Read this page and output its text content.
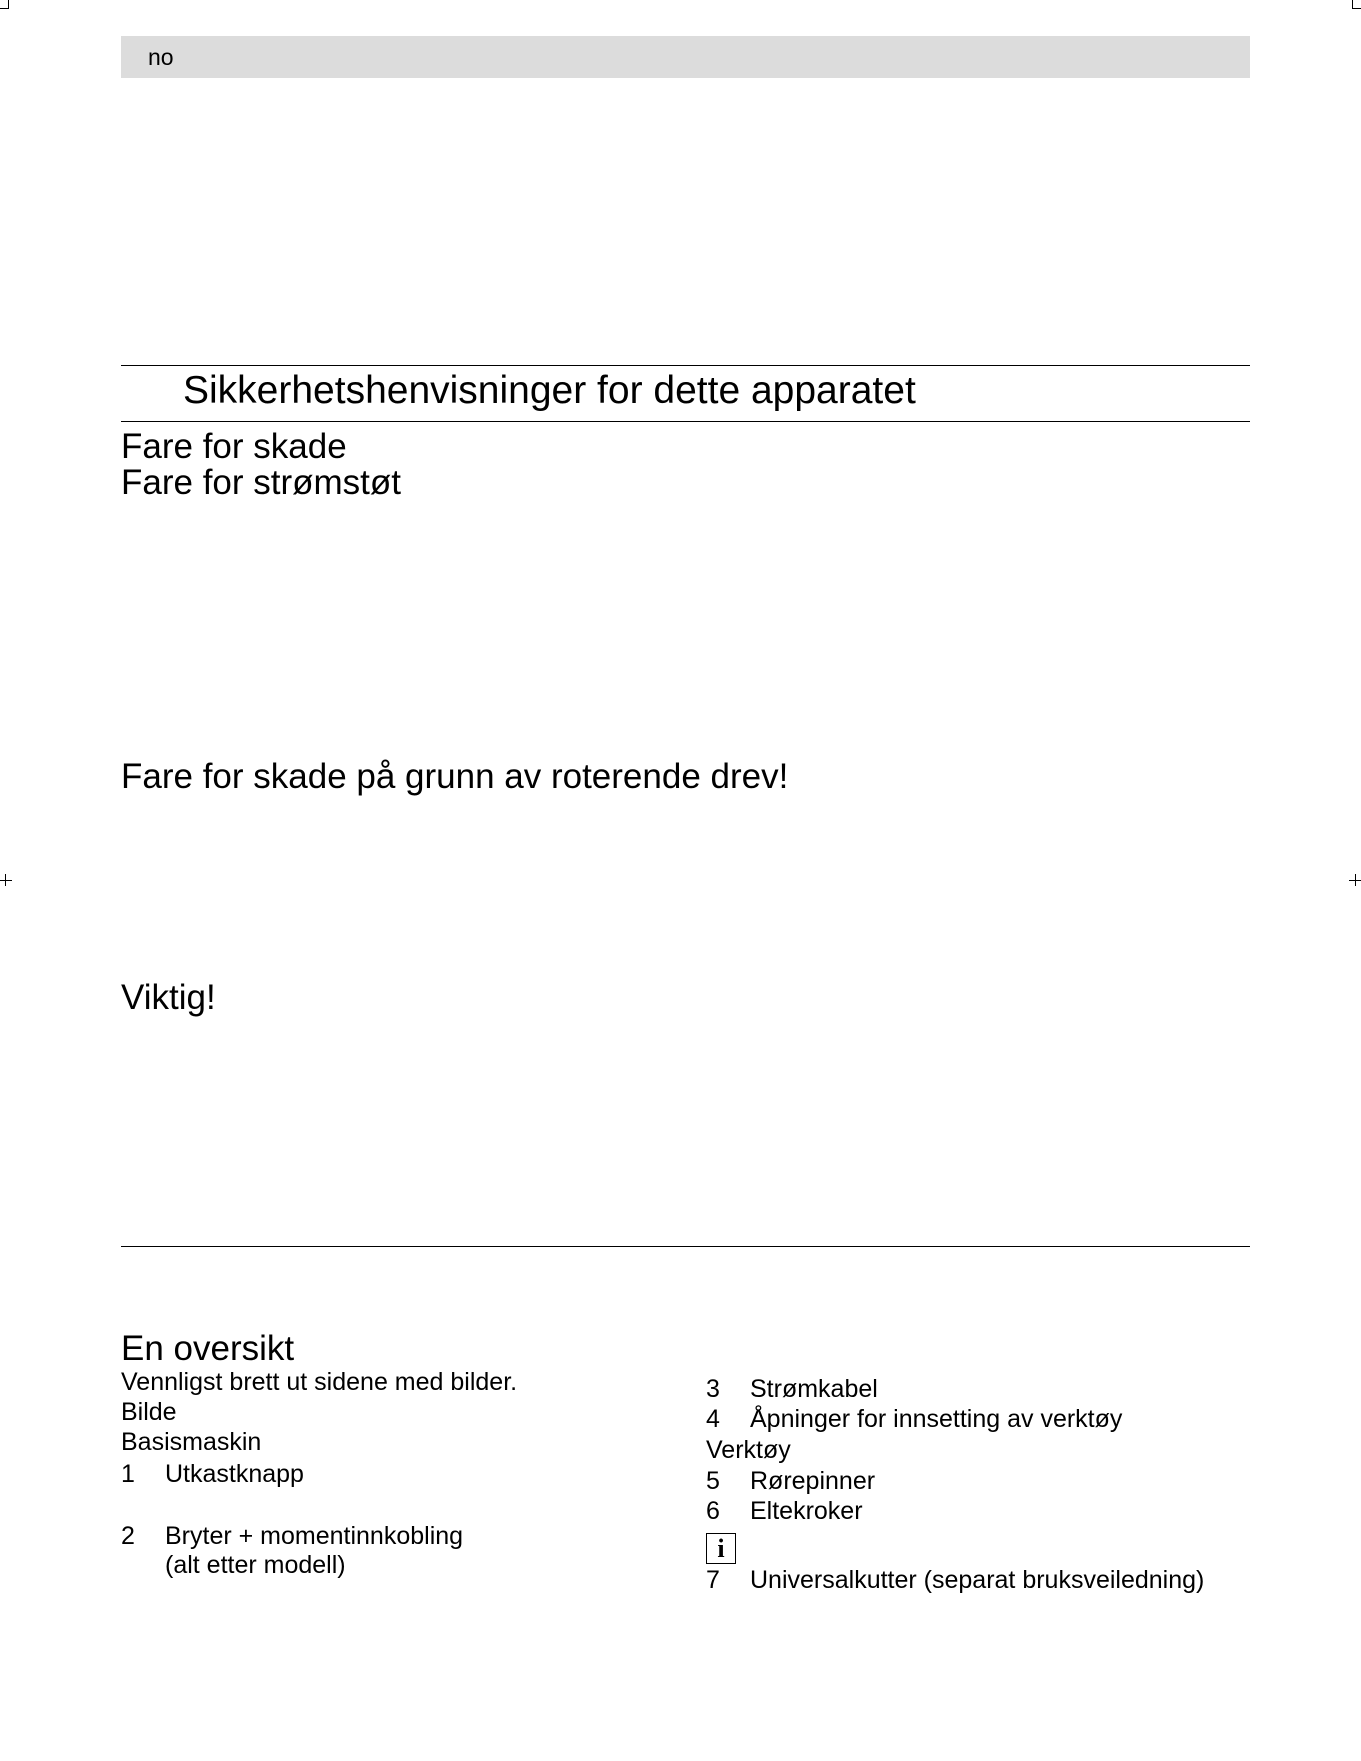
no
Sikkerhetshenvisninger for dette apparatet
Fare for skade
Fare for strømstøt
Fare for skade på grunn av roterende drev!
Viktig!
En oversikt
Vennligst brett ut sidene med bilder.
Bilde
Basismaskin
1 Utkastknapp
2 Bryter + momentinnkobling
(alt etter modell)
3 Strømkabel
4 Åpninger for innsetting av verktøy
Verktøy
5 Rørepinner
6 Eltekroker
i
7 Universalkutter (separat bruksveiledning)
